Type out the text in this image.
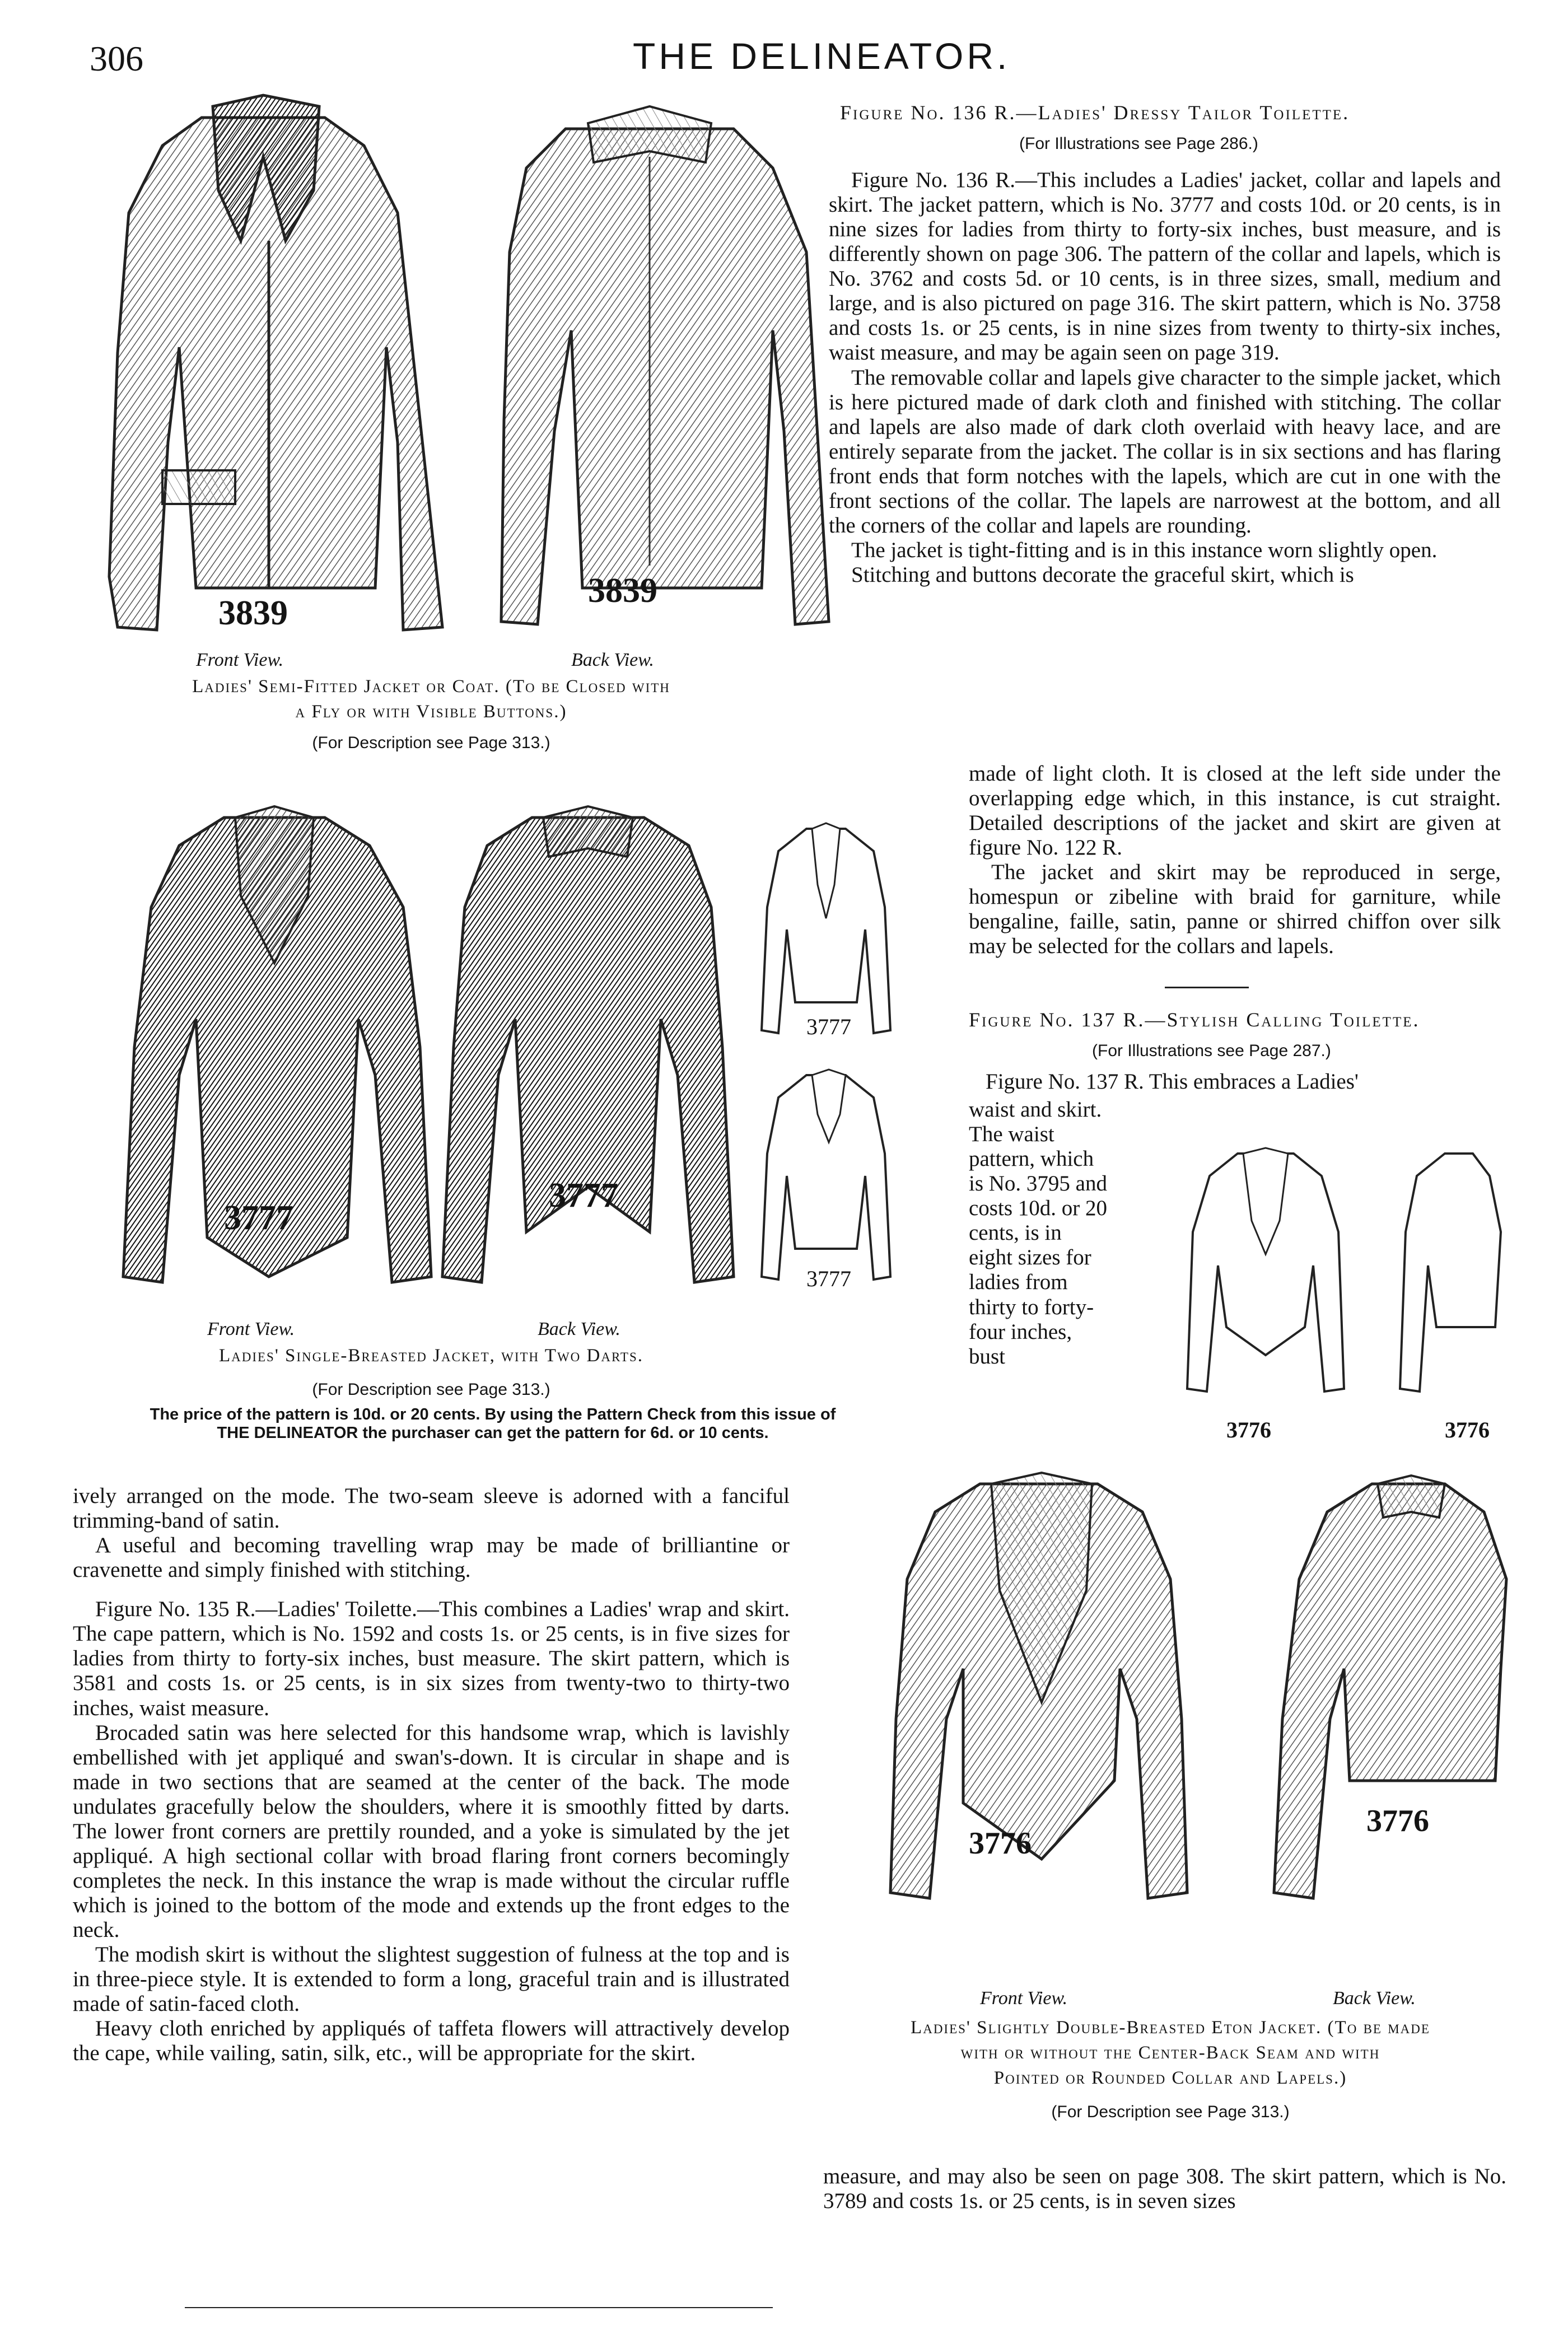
306	THE DELINEATOR.
3839
3839
Front View.	Back View.
Ladies' Semi-Fitted Jacket or Coat. (To be Closed with
a Fly or with Visible Buttons.)
(For Description see Page 313.)
3777
3777
3777
3777
Front View.	Back View.
Ladies' Single-Breasted Jacket, with Two Darts.
(For Description see Page 313.)
The price of the pattern is 10d. or 20 cents. By using the Pattern Check from this issue of
THE DELINEATOR the purchaser can get the pattern for 6d. or 10 cents.
Figure No. 136 R.—Ladies' Dressy Tailor Toilette.
(For Illustrations see Page 286.)

Figure No. 136 R.—This includes a Ladies' jacket, collar and lapels and skirt. The jacket pattern, which is No. 3777 and costs 10d. or 20 cents, is in nine sizes for ladies from thirty to forty-six inches, bust measure, and is differently shown on page 306. The pattern of the collar and lapels, which is No. 3762 and costs 5d. or 10 cents, is in three sizes, small, medium and large, and is also pictured on page 316. The skirt pattern, which is No. 3758 and costs 1s. or 25 cents, is in nine sizes from twenty to thirty-six inches, waist measure, and may be again seen on page 319.

The removable collar and lapels give character to the simple jacket, which is here pictured made of dark cloth and finished with stitching. The collar and lapels are also made of dark cloth overlaid with heavy lace, and are entirely separate from the jacket. The collar is in six sections and has flaring front ends that form notches with the lapels, which are cut in one with the front sections of the collar. The lapels are narrowest at the bottom, and all the corners of the collar and lapels are rounding.

The jacket is tight-fitting and is in this instance worn slightly open.

Stitching and buttons decorate the graceful skirt, which is

made of light cloth. It is closed at the left side under the overlapping edge which, in this instance, is cut straight. Detailed descriptions of the jacket and skirt are given at figure No. 122 R.

The jacket and skirt may be reproduced in serge, homespun or zibeline with braid for garniture, while bengaline, faille, satin, panne or shirred chiffon over silk may be selected for the collars and lapels.

Figure No. 137 R.—Stylish Calling Toilette.
(For Illustrations see Page 287.)
Figure No. 137 R. This embraces a Ladies'
waist and skirt. The waist pattern, which is No. 3795 and costs 10d. or 20 cents, is in eight sizes for ladies from thirty to forty-four inches, bust
3776	3776

ively arranged on the mode. The two-seam sleeve is adorned with a fanciful trimming-band of satin.

A useful and becoming travelling wrap may be made of brilliantine or cravenette and simply finished with stitching.

Figure No. 135 R.—Ladies' Toilette.—This combines a Ladies' wrap and skirt. The cape pattern, which is No. 1592 and costs 1s. or 25 cents, is in five sizes for ladies from thirty to forty-six inches, bust measure. The skirt pattern, which is 3581 and costs 1s. or 25 cents, is in six sizes from twenty-two to thirty-two inches, waist measure.

Brocaded satin was here selected for this handsome wrap, which is lavishly embellished with jet appliqué and swan's-down. It is circular in shape and is made in two sections that are seamed at the center of the back. The mode undulates gracefully below the shoulders, where it is smoothly fitted by darts. The lower front corners are prettily rounded, and a yoke is simulated by the jet appliqué. A high sectional collar with broad flaring front corners becomingly completes the neck. In this instance the wrap is made without the circular ruffle which is joined to the bottom of the mode and extends up the front edges to the neck.

The modish skirt is without the slightest suggestion of fulness at the top and is in three-piece style. It is extended to form a long, graceful train and is illustrated made of satin-faced cloth.

Heavy cloth enriched by appliqués of taffeta flowers will attractively develop the cape, while vailing, satin, silk, etc., will be appropriate for the skirt.

3776
3776
Front View.	Back View.
Ladies' Slightly Double-Breasted Eton Jacket. (To be made
with or without the Center-Back Seam and with
Pointed or Rounded Collar and Lapels.)
(For Description see Page 313.)
measure, and may also be seen on page 308. The skirt pattern, which is No. 3789 and costs 1s. or 25 cents, is in seven sizes
